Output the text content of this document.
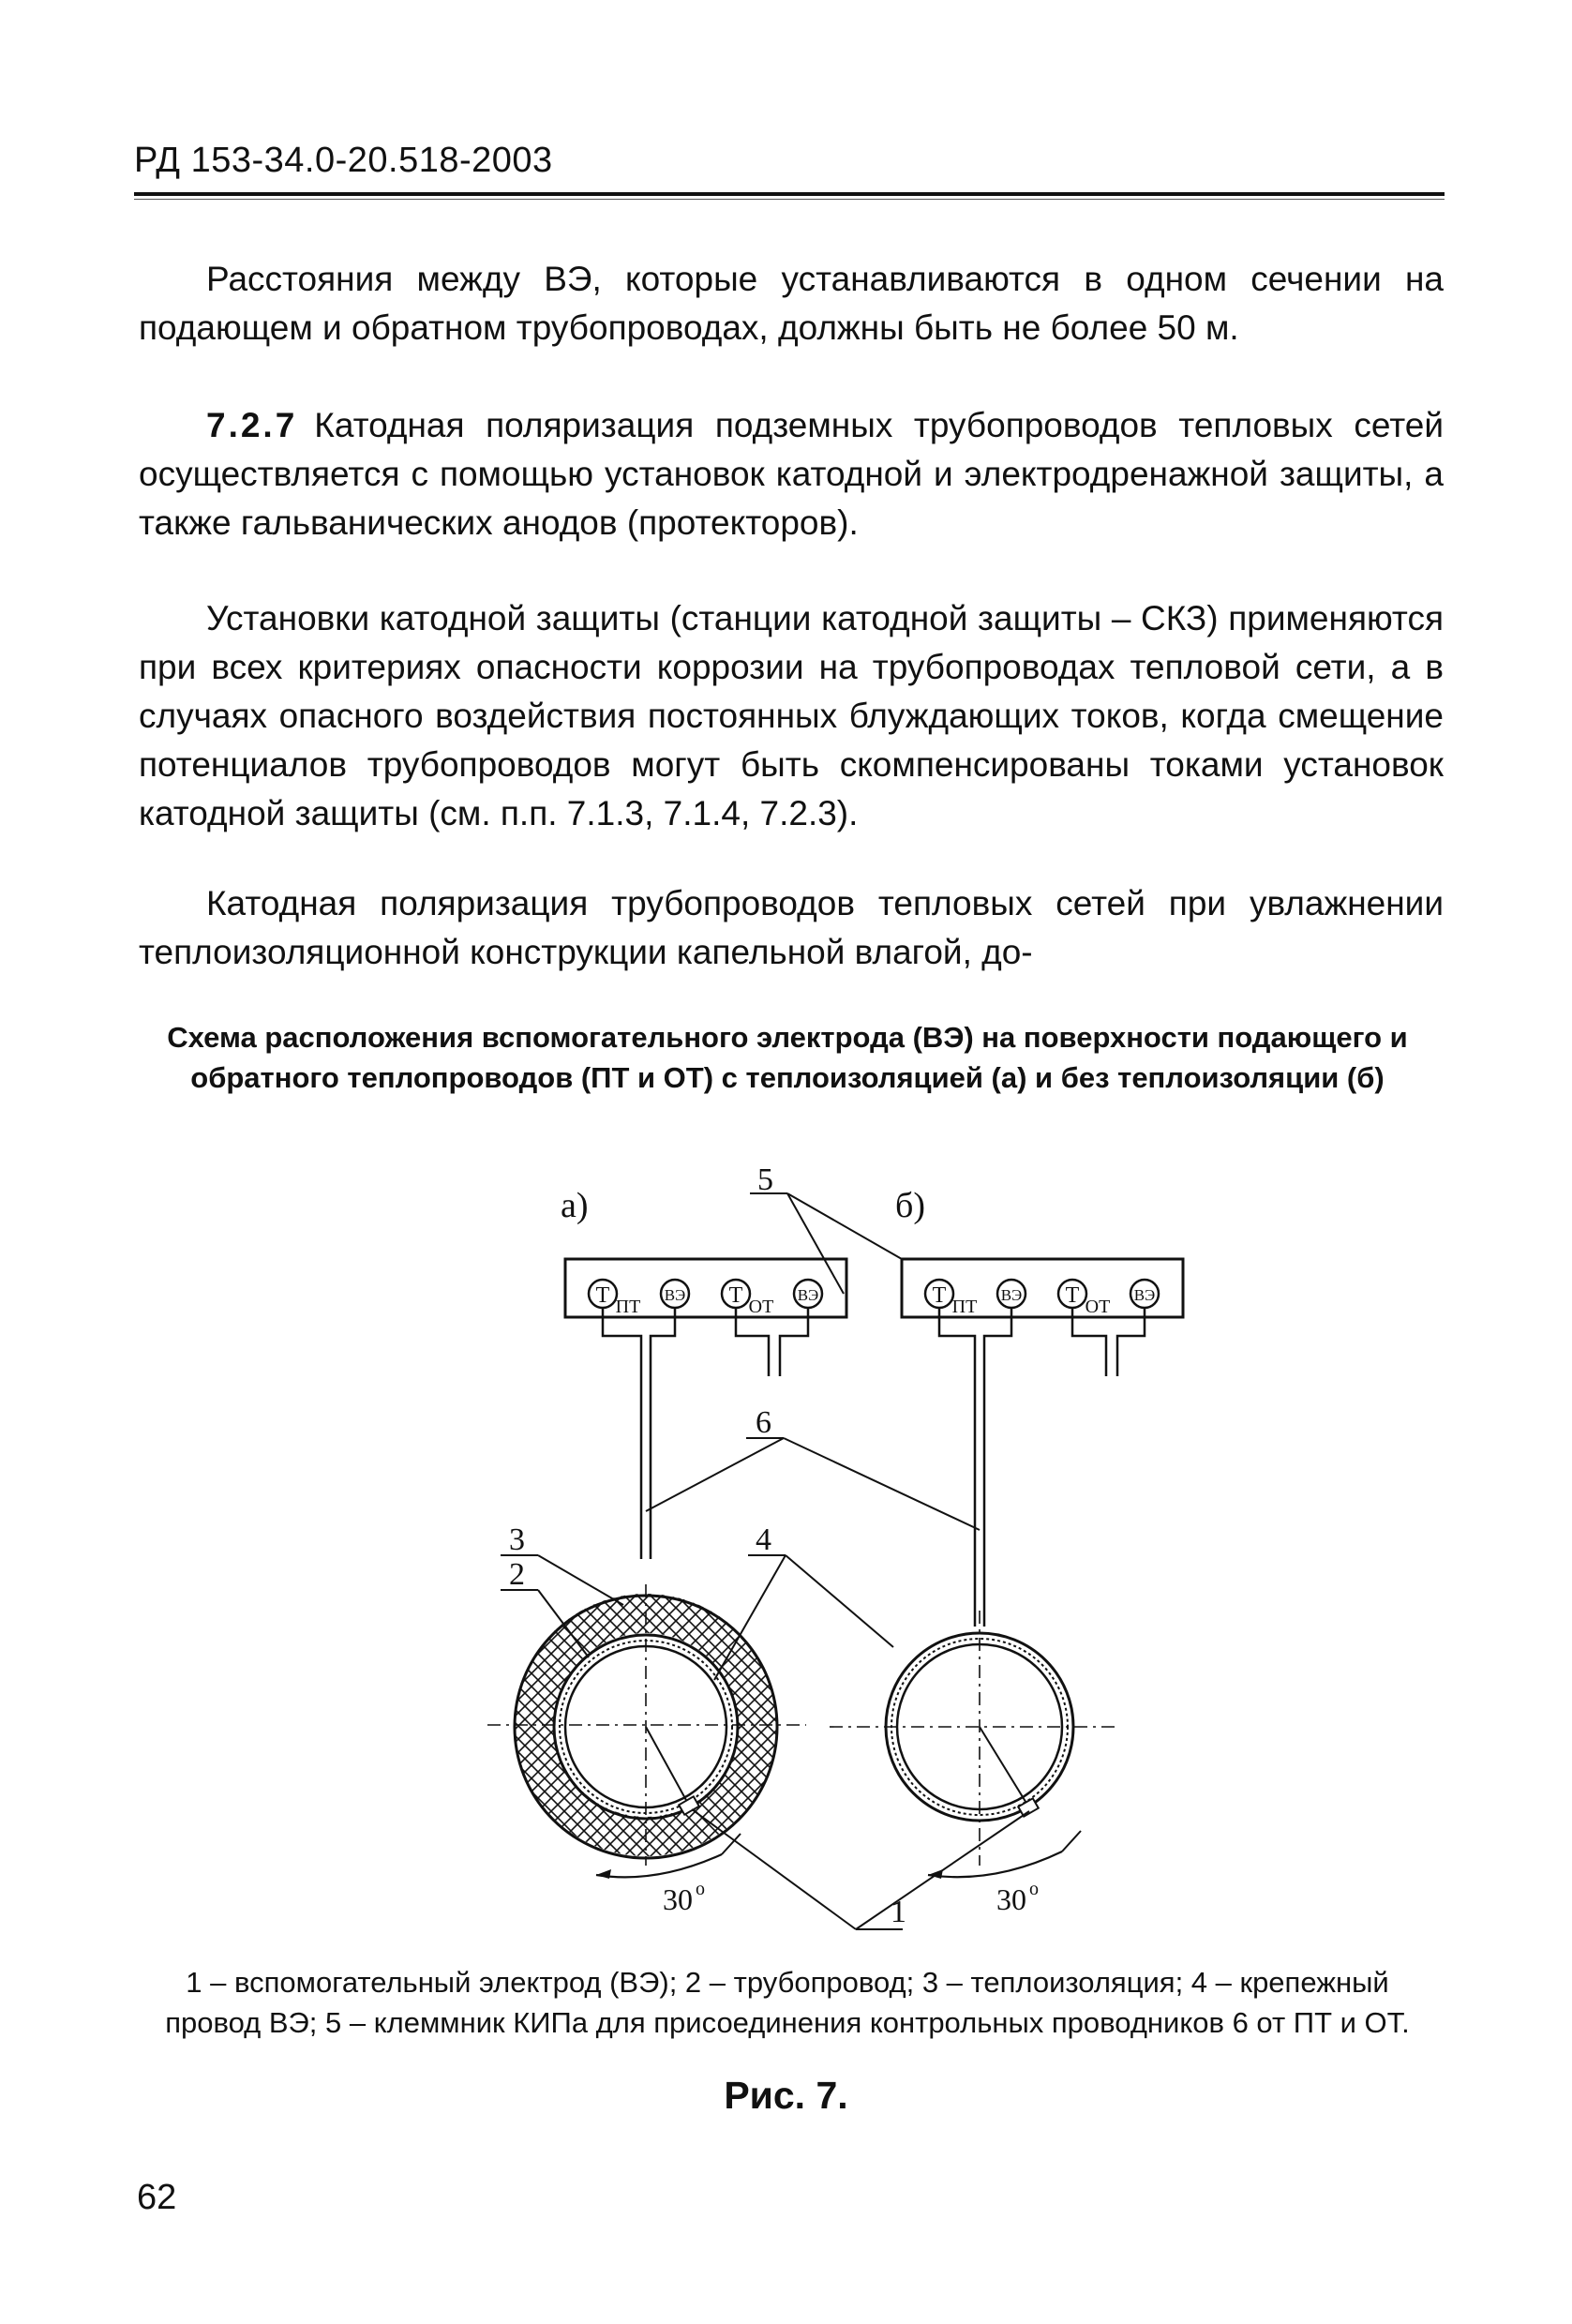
РД 153-34.0-20.518-2003

Расстояния между ВЭ, которые устанавливаются в одном сечении на подающем и обратном трубопроводах, должны быть не более 50 м.

7.2.7 Катодная поляризация подземных трубопроводов тепловых сетей осуществляется с помощью установок катодной и электродренажной защиты, а также гальванических анодов (протекторов).

Установки катодной защиты (станции катодной защиты – СКЗ) применяются при всех критериях опасности коррозии на трубопроводах тепловой сети, а в случаях опасного воздействия постоянных блуждающих токов, когда смещение потенциалов трубопроводов могут быть скомпенсированы токами установок катодной защиты (см. п.п. 7.1.3, 7.1.4, 7.2.3).

Катодная поляризация трубопроводов тепловых сетей при увлажнении теплоизоляционной конструкции капельной влагой, до-

Схема расположения вспомогательного электрода (ВЭ) на поверхности подающего и обратного теплопроводов (ПТ и ОТ) с теплоизоляцией (а) и без теплоизоляции (б)
а)	б)
5
Т ПТ
ВЭ Т ОТ
ВЭ	Т ПТ
ВЭ Т ОТ
ВЭ
6
3
2
4
30 o	30 o
1
1 – вспомогательный электрод (ВЭ); 2 – трубопровод; 3 – теплоизоляция; 4 – крепежный провод ВЭ; 5 – клеммник КИПа для присоединения контрольных проводников 6 от ПТ и ОТ.
Рис. 7.
62
